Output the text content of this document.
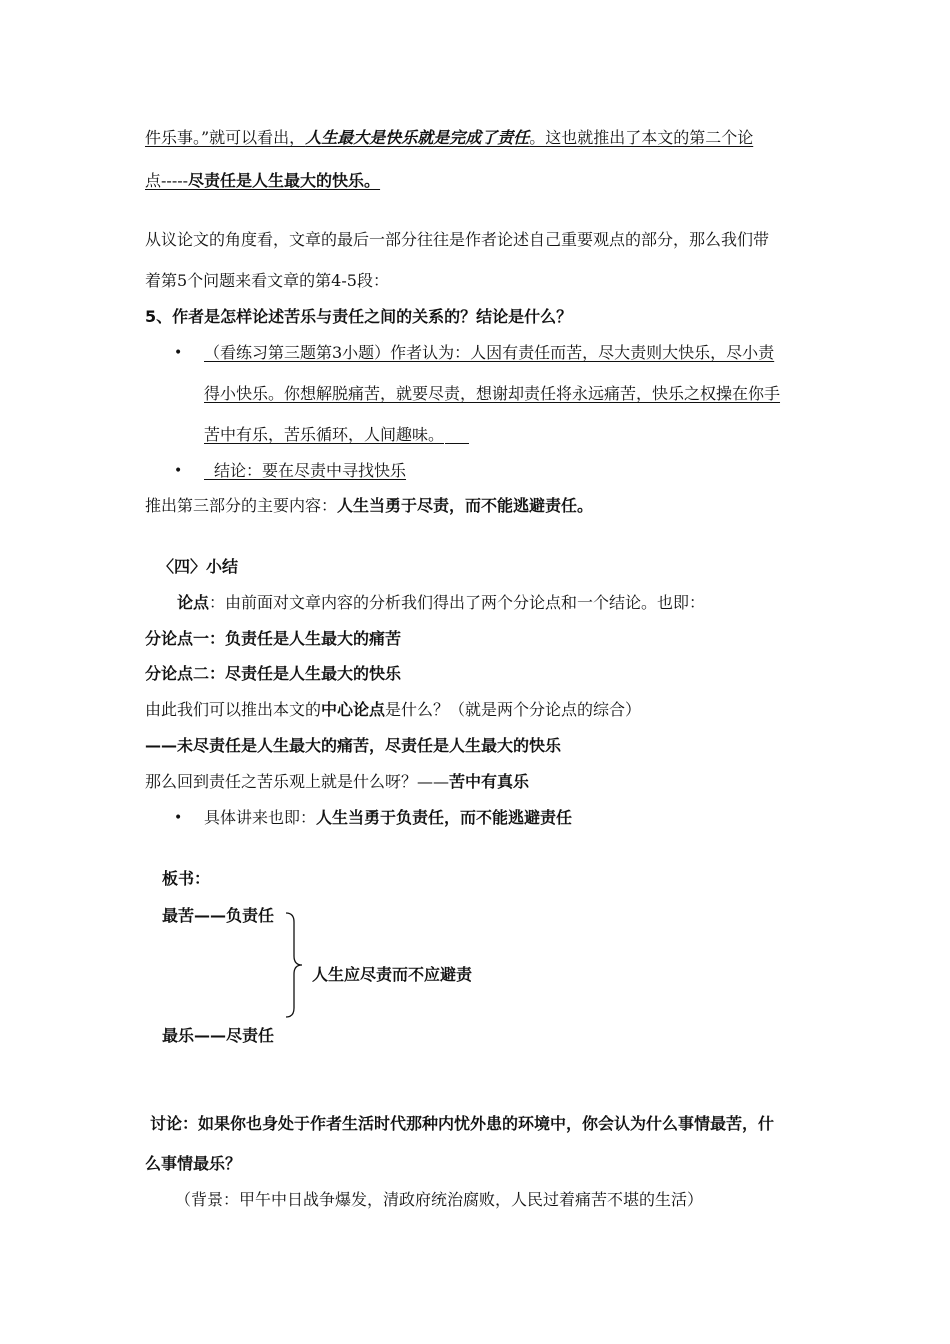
件乐事。”就可以看出，人生最大是快乐就是完成了责任。这也就推出了本文的第二个论
点-----尽责任是人生最大的快乐。
从议论文的角度看，文章的最后一部分往往是作者论述自己重要观点的部分，那么我们带
着第5个问题来看文章的第4-5段：
5、作者是怎样论述苦乐与责任之间的关系的？结论是什么？
• （看练习第三题第3小题）作者认为：人因有责任而苦，尽大责则大快乐，尽小责
得小快乐。你想解脱痛苦，就要尽责，想谢却责任将永远痛苦，快乐之权操在你手
苦中有乐，苦乐循环，人间趣味。
• 结论：要在尽责中寻找快乐
推出第三部分的主要内容：人生当勇于尽责，而不能逃避责任。
〈四〉小结
论点：由前面对文章内容的分析我们得出了两个分论点和一个结论。也即：
分论点一：负责任是人生最大的痛苦
分论点二：尽责任是人生最大的快乐
由此我们可以推出本文的中心论点是什么？（就是两个分论点的综合）
——未尽责任是人生最大的痛苦，尽责任是人生最大的快乐
那么回到责任之苦乐观上就是什么呀？——苦中有真乐
• 具体讲来也即：人生当勇于负责任，而不能逃避责任
板书：
最苦——负责任
人生应尽责而不应避责
最乐——尽责任
讨论：如果你也身处于作者生活时代那种内忧外患的环境中，你会认为什么事情最苦，什
么事情最乐？
（背景：甲午中日战争爆发，清政府统治腐败，人民过着痛苦不堪的生活）
